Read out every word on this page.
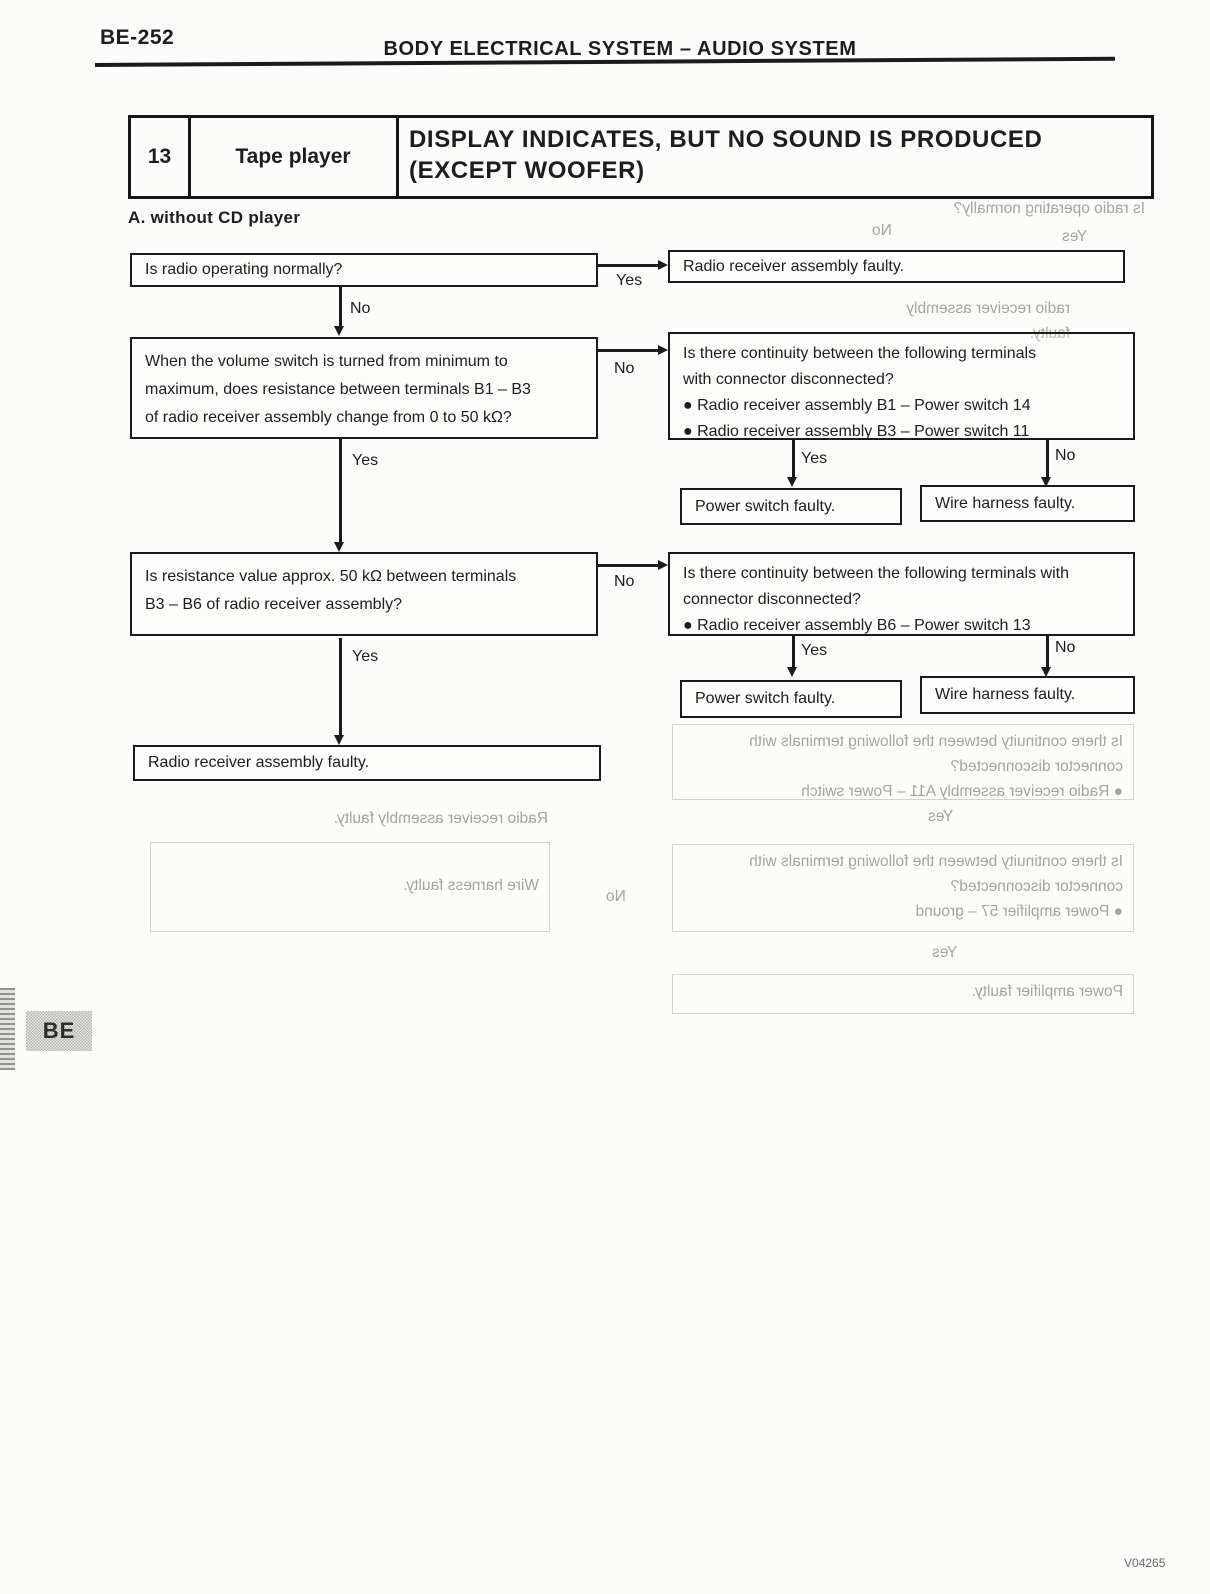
Is radio operating normally?
No	Yes
radio receiver assembly
faulty.
Is there continuity between the following terminals with
connector disconnected?
● Radio receiver assembly A11 – Power switch
Yes
Is there continuity between the following terminals with
connector disconnected?
● Power amplifier 57 – ground
Yes
Power amplifier faulty.
Radio receiver assembly faulty.
Wire harness faulty.
No
BE-252	BODY ELECTRICAL SYSTEM – AUDIO SYSTEM
13	Tape player
DISPLAY INDICATES, BUT NO SOUND IS PRODUCED
(EXCEPT WOOFER)
A. without CD player
Is radio operating normally?
Yes
Radio receiver assembly faulty.
No
When the volume switch is turned from minimum to
maximum, does resistance between terminals B1 – B3
of radio receiver assembly change from 0 to 50 kΩ?
No
Is there continuity between the following terminals
with connector disconnected?
● Radio receiver assembly B1 – Power switch 14
● Radio receiver assembly B3 – Power switch 11
Yes	No
Power switch faulty.	Wire harness faulty.
Yes
Is resistance value approx. 50 kΩ between terminals
B3 – B6 of radio receiver assembly?
No	Is there continuity between the following terminals with
connector disconnected?
● Radio receiver assembly B6 – Power switch 13
Yes	No
Power switch faulty.	Wire harness faulty.
Yes
Radio receiver assembly faulty.
BE
V04265
